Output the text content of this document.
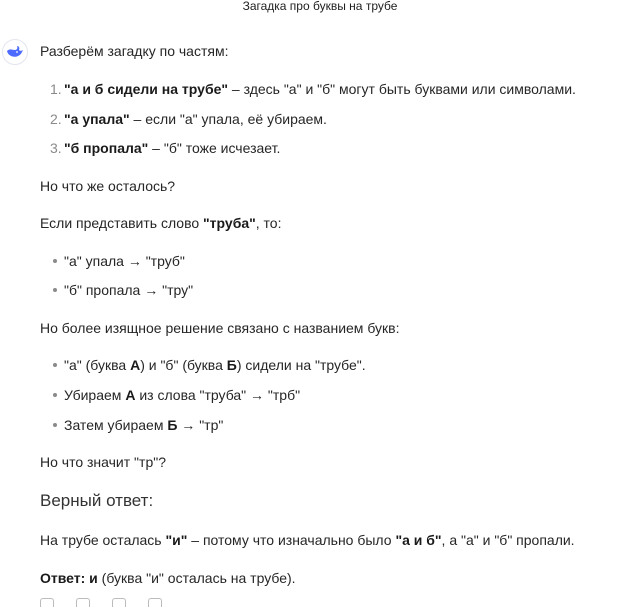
Загадка про буквы на трубе
Разберём загадку по частям:
1. "а и б сидели на трубе" – здесь "а" и "б" могут быть буквами или символами.
2. "а упала" – если "а" упала, её убираем.
3. "б пропала" – "б" тоже исчезает.
Но что же осталось?
Если представить слово "труба", то:
"а" упала → "труб"
"б" пропала → "тру"
Но более изящное решение связано с названием букв:
"а" (буква А) и "б" (буква Б) сидели на "трубе".
Убираем А из слова "труба" → "трб"
Затем убираем Б → "тр"
Но что значит "тр"?
Верный ответ:
На трубе осталась "и" – потому что изначально было "а и б", а "а" и "б" пропали.
Ответ: и (буква "и" осталась на трубе).
